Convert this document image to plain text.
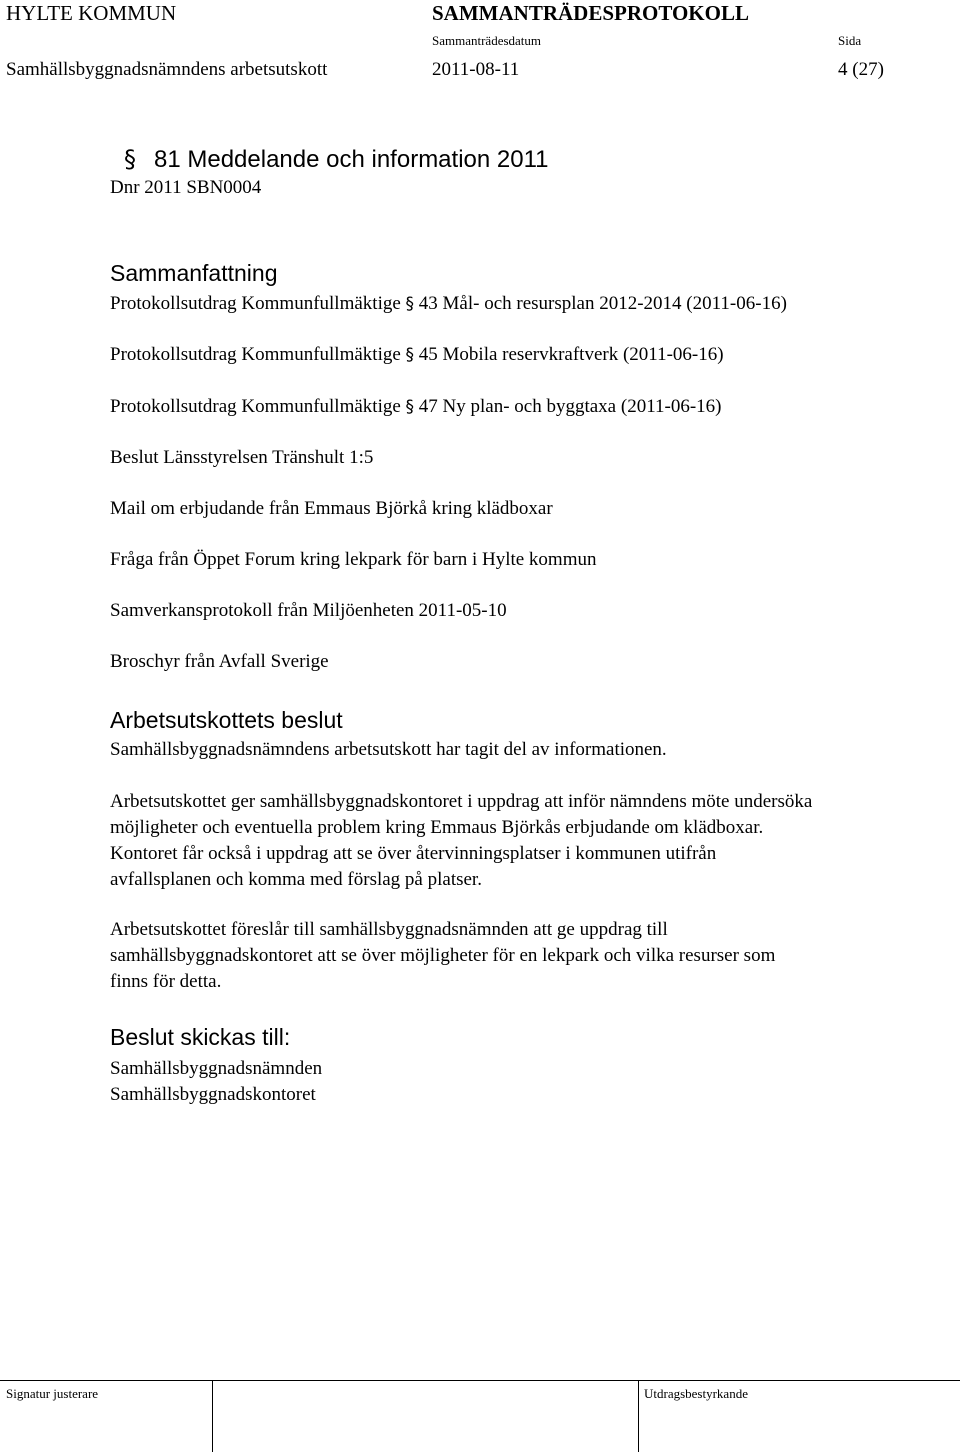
HYLTE KOMMUN	SAMMANTRÄDESPROTOKOLL
Sammanträdesdatum	Sida
Samhällsbyggnadsnämndens arbetsutskott	2011-08-11	4 (27)
§ 81 Meddelande och information 2011
Dnr 2011 SBN0004
Sammanfattning
Protokollsutdrag Kommunfullmäktige § 43 Mål- och resursplan 2012-2014 (2011-06-16)
Protokollsutdrag Kommunfullmäktige § 45 Mobila reservkraftverk (2011-06-16)
Protokollsutdrag Kommunfullmäktige § 47 Ny plan- och byggtaxa (2011-06-16)
Beslut Länsstyrelsen Tränshult 1:5
Mail om erbjudande från Emmaus Björkå kring klädboxar
Fråga från Öppet Forum kring lekpark för barn i Hylte kommun
Samverkansprotokoll från Miljöenheten 2011-05-10
Broschyr från Avfall Sverige
Arbetsutskottets beslut
Samhällsbyggnadsnämndens arbetsutskott har tagit del av informationen.
Arbetsutskottet ger samhällsbyggnadskontoret i uppdrag att inför nämndens möte undersöka
möjligheter och eventuella problem kring Emmaus Björkås erbjudande om klädboxar.
Kontoret får också i uppdrag att se över återvinningsplatser i kommunen utifrån
avfallsplanen och komma med förslag på platser.
Arbetsutskottet föreslår till samhällsbyggnadsnämnden att ge uppdrag till
samhällsbyggnadskontoret att se över möjligheter för en lekpark och vilka resurser som
finns för detta.
Beslut skickas till:
Samhällsbyggnadsnämnden
Samhällsbyggnadskontoret
Signatur justerare	Utdragsbestyrkande
